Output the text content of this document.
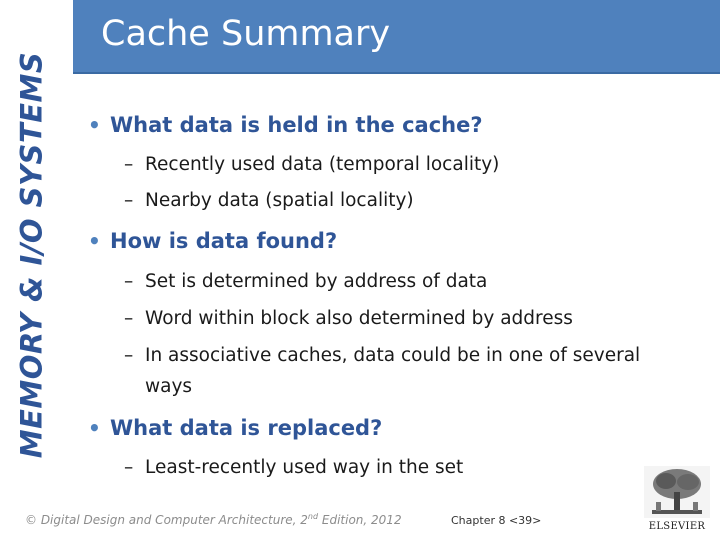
MEMORY & I/O SYSTEMS
Cache Summary
• What data is held in the cache?
– Recently used data (temporal locality)
– Nearby data (spatial locality)
• How is data found?
– Set is determined by address of data
– Word within block also determined by address
– In associative caches, data could be in one of several
ways
• What data is replaced?
– Least-recently used way in the set
© Digital Design and Computer Architecture, 2nd Edition, 2012	Chapter 8 <39>	ELSEVIER
